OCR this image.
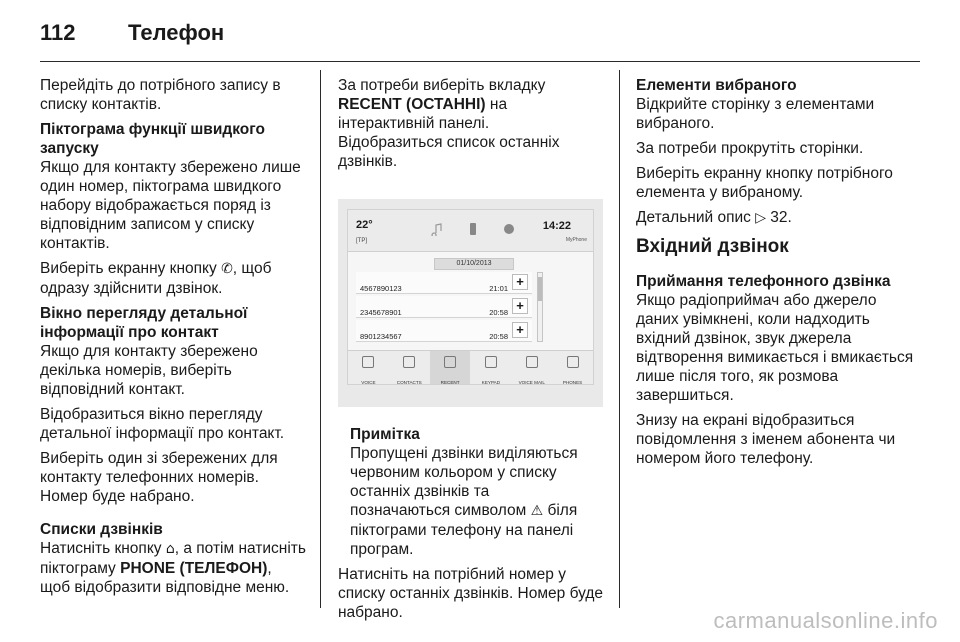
112	Телефон
Перейдіть до потрібного запису в списку контактів.
Піктограма функції швидкого запуску
Якщо для контакту збережено лише один номер, піктограма швидкого набору відображається поряд із відповідним записом у списку контактів.
Виберіть екранну кнопку ✆, щоб одразу здійснити дзвінок.
Вікно перегляду детальної інформації про контакт
Якщо для контакту збережено декілька номерів, виберіть відповідний контакт.
Відобразиться вікно перегляду детальної інформації про контакт.
Виберіть один зі збережених для контакту телефонних номерів. Номер буде набрано.
Списки дзвінків
Натисніть кнопку ⌂, а потім натисніть піктограму PHONE (ТЕЛЕФОН), щоб відобразити відповідне меню.
За потреби виберіть вкладку RECENT (ОСТАННІ) на інтерактивній панелі.
Відобразиться список останніх дзвінків.
22°
[TP]
14:22
MyPhone
01/10/2013
4567890123	21:01 +
2345678901	20:58 +
8901234567	20:58 +
VOICE	CONTACTS	RECENT	KEYPAD	VOICE MAIL	PHONES
Примітка
Пропущені дзвінки виділяються червоним кольором у списку останніх дзвінків та позначаються символом ⚠ біля піктограми телефону на панелі програм.
Натисніть на потрібний номер у списку останніх дзвінків. Номер буде набрано.
Елементи вибраного
Відкрийте сторінку з елементами вибраного.
За потреби прокрутіть сторінки.
Виберіть екранну кнопку потрібного елемента у вибраному.
Детальний опис ▷ 32.
Вхідний дзвінок
Приймання телефонного дзвінка
Якщо радіоприймач або джерело даних увімкнені, коли надходить вхідний дзвінок, звук джерела відтворення вимикається і вмикається лише після того, як розмова завершиться.
Знизу на екрані відобразиться повідомлення з іменем абонента чи номером його телефону.
carmanualsonline.info
